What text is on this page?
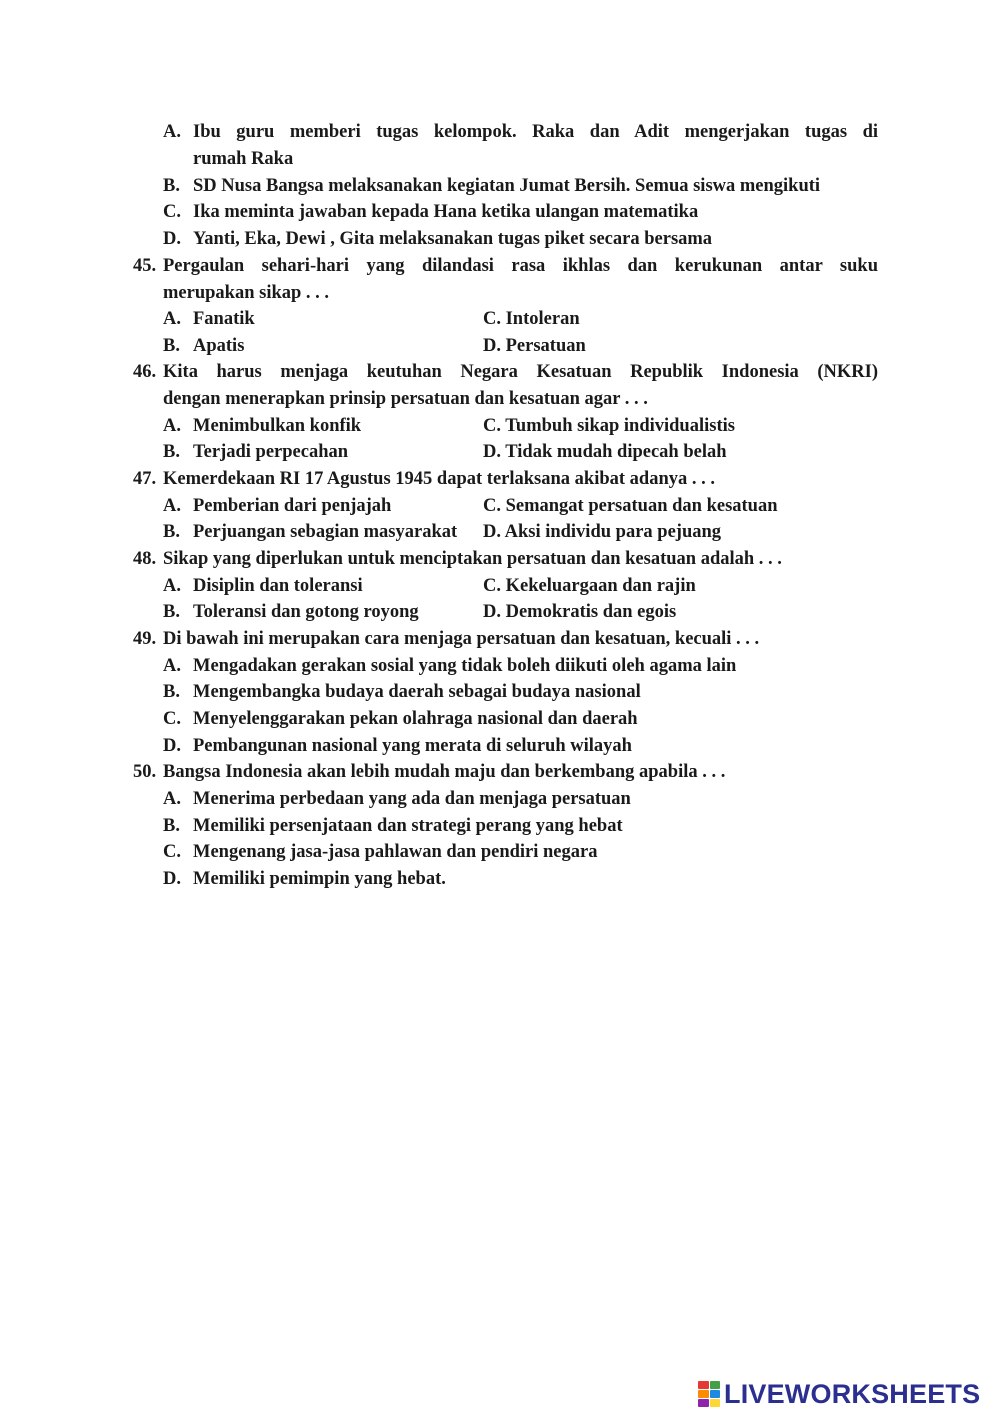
A. Ibu guru memberi tugas kelompok. Raka dan Adit mengerjakan tugas di
rumah Raka
B. SD Nusa Bangsa melaksanakan kegiatan Jumat Bersih. Semua siswa mengikuti
C. Ika meminta jawaban kepada Hana ketika ulangan matematika
D. Yanti, Eka, Dewi , Gita melaksanakan tugas piket secara bersama
45. Pergaulan sehari-hari yang dilandasi rasa ikhlas dan kerukunan antar suku
merupakan sikap . . .
A. Fanatik	C. Intoleran
B. Apatis	D. Persatuan
46. Kita harus menjaga keutuhan Negara Kesatuan Republik Indonesia (NKRI)
dengan menerapkan prinsip persatuan dan kesatuan agar . . .
A. Menimbulkan konfik	C. Tumbuh sikap individualistis
B. Terjadi perpecahan	D. Tidak mudah dipecah belah
47. Kemerdekaan RI 17 Agustus 1945 dapat terlaksana akibat adanya . . .
A. Pemberian dari penjajah	C. Semangat persatuan dan kesatuan
B. Perjuangan sebagian masyarakat D. Aksi individu para pejuang
48. Sikap yang diperlukan untuk menciptakan persatuan dan kesatuan adalah . . .
A. Disiplin dan toleransi	C. Kekeluargaan dan rajin
B. Toleransi dan gotong royong	D. Demokratis dan egois
49. Di bawah ini merupakan cara menjaga persatuan dan kesatuan, kecuali . . .
A. Mengadakan gerakan sosial yang tidak boleh diikuti oleh agama lain
B. Mengembangka budaya daerah sebagai budaya nasional
C. Menyelenggarakan pekan olahraga nasional dan daerah
D. Pembangunan nasional yang merata di seluruh wilayah
50. Bangsa Indonesia akan lebih mudah maju dan berkembang apabila . . .
A. Menerima perbedaan yang ada dan menjaga persatuan
B. Memiliki persenjataan dan strategi perang yang hebat
C. Mengenang jasa-jasa pahlawan dan pendiri negara
D. Memiliki pemimpin yang hebat.
LIVEWORKSHEETS
